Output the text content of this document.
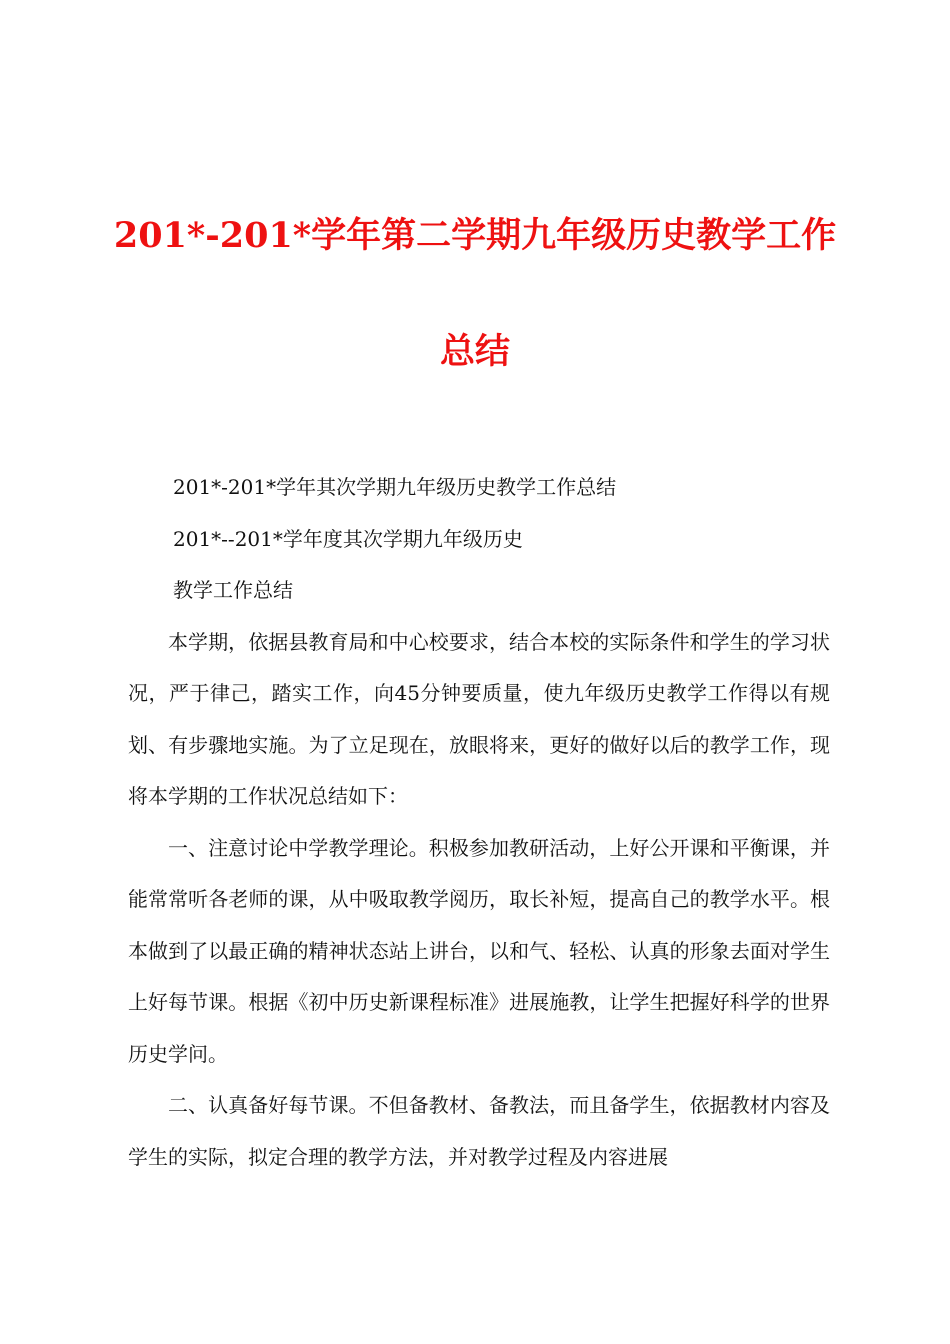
201*-201*学年第二学期九年级历史教学工作
总结

201*-201*学年其次学期九年级历史教学工作总结

201*--201*学年度其次学期九年级历史

教学工作总结

本学期，依据县教育局和中心校要求，结合本校的实际条件和学生的学习状况，严于律己，踏实工作，向45分钟要质量，使九年级历史教学工作得以有规划、有步骤地实施。为了立足现在，放眼将来，更好的做好以后的教学工作，现将本学期的工作状况总结如下：

一、注意讨论中学教学理论。积极参加教研活动，上好公开课和平衡课，并能常常听各老师的课，从中吸取教学阅历，取长补短，提高自己的教学水平。根本做到了以最正确的精神状态站上讲台，以和气、轻松、认真的形象去面对学生上好每节课。根据《初中历史新课程标准》进展施教，让学生把握好科学的世界历史学问。

二、认真备好每节课。不但备教材、备教法，而且备学生，依据教材内容及学生的实际，拟定合理的教学方法，并对教学过程及内容进展
